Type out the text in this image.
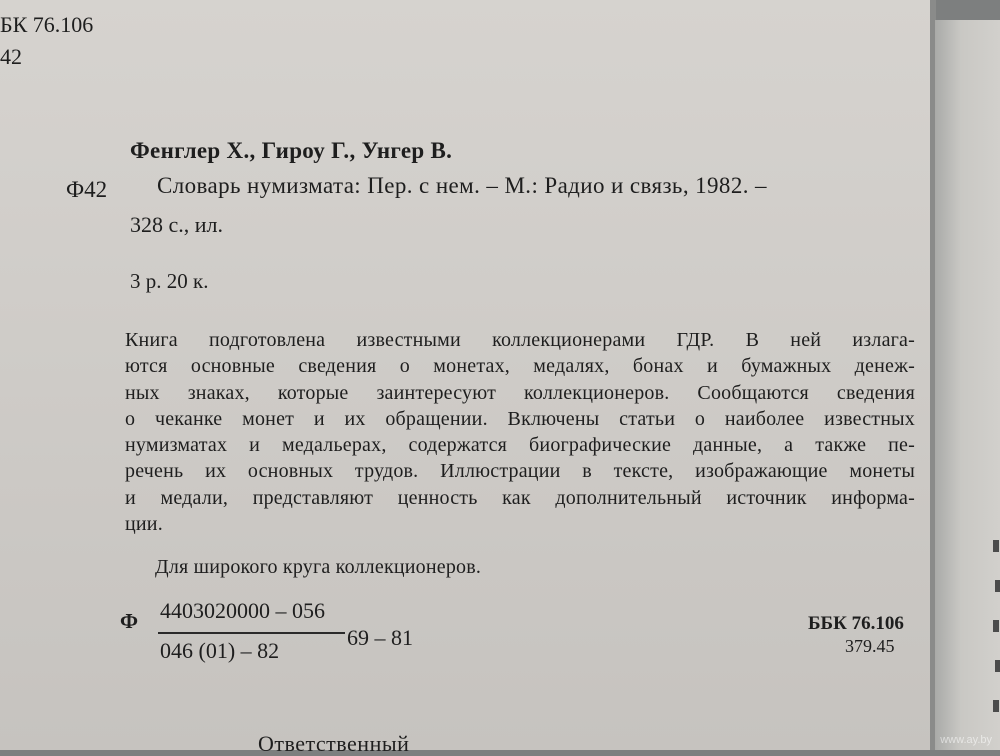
БК 76.106
42
Фенглер Х., Гироу Г., Унгер В.
Ф42 Словарь нумизмата: Пер. с нем. – М.: Радио и связь, 1982. –
328 с., ил.
3 р. 20 к.
Книга подготовлена известными коллекционерами ГДР. В ней излага-
ются основные сведения о монетах, медалях, бонах и бумажных денеж-
ных знаках, которые заинтересуют коллекционеров. Сообщаются сведения
о чеканке монет и их обращении. Включены статьи о наиболее известных
нумизматах и медальерах, содержатся биографические данные, а также пе-
речень их основных трудов. Иллюстрации в тексте, изображающие монеты
и медали, представляют ценность как дополнительный источник информа-
ции.
Для широкого круга коллекционеров.
Ф 4403020000 – 056
046 (01) – 82
69 – 81
ББК 76.106
379.45
Ответственный	www.ay.by
